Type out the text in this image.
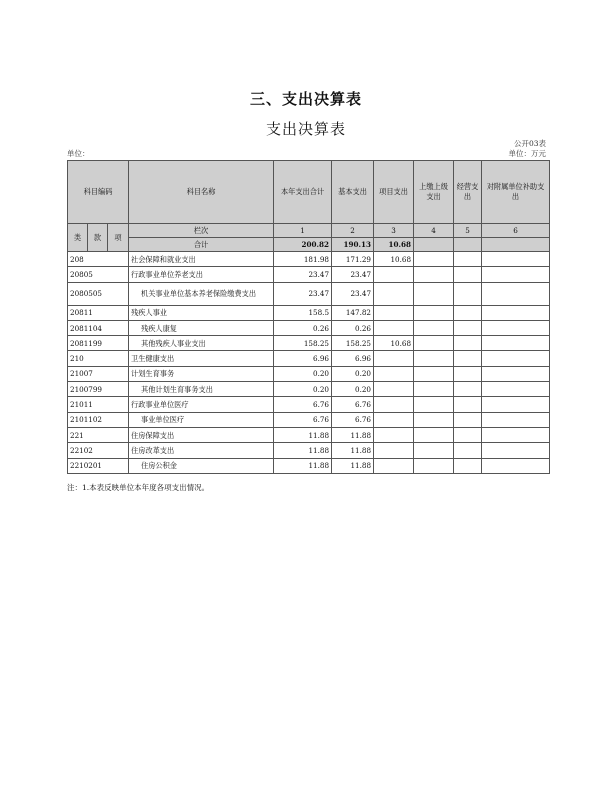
三、支出决算表
支出决算表
公开03表
单位：	单位：万元
科目编码			科目名称	本年支出合计	基本支出	项目支出	上缴上级支出	经营支出	对附属单位补助支出
类	款	项	栏次	1	2	3	4	5	6
			合计	200.82	190.13	10.68			
208			社会保障和就业支出	181.98	171.29	10.68			
20805			行政事业单位养老支出	23.47	23.47				
2080505			机关事业单位基本养老保险缴费支出	23.47	23.47				
20811			残疾人事业	158.5	147.82				
2081104			残疾人康复	0.26	0.26				
2081199			其他残疾人事业支出	158.25	158.25	10.68			
210			卫生健康支出	6.96	6.96				
21007			计划生育事务	0.20	0.20				
2100799			其他计划生育事务支出	0.20	0.20				
21011			行政事业单位医疗	6.76	6.76				
2101102			事业单位医疗	6.76	6.76				
221			住房保障支出	11.88	11.88				
22102			住房改革支出	11.88	11.88				
2210201			住房公积金	11.88	11.88				
注：1.本表反映单位本年度各项支出情况。
